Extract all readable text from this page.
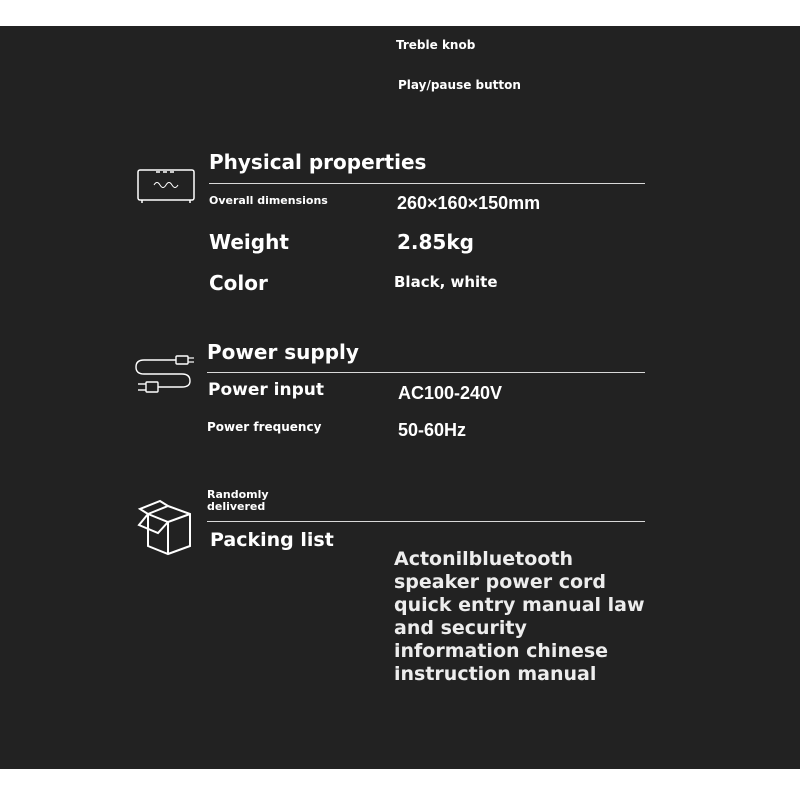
Treble knob
Play/pause button
Physical properties
Overall dimensions	260×160×150mm
Weight	2.85kg
Color	Black, white
Power supply
Power input	AC100-240V
Power frequency	50-60Hz
Randomly delivered
Packing list
Actonilbluetooth speaker power cord quick entry manual law and security information chinese instruction manual
